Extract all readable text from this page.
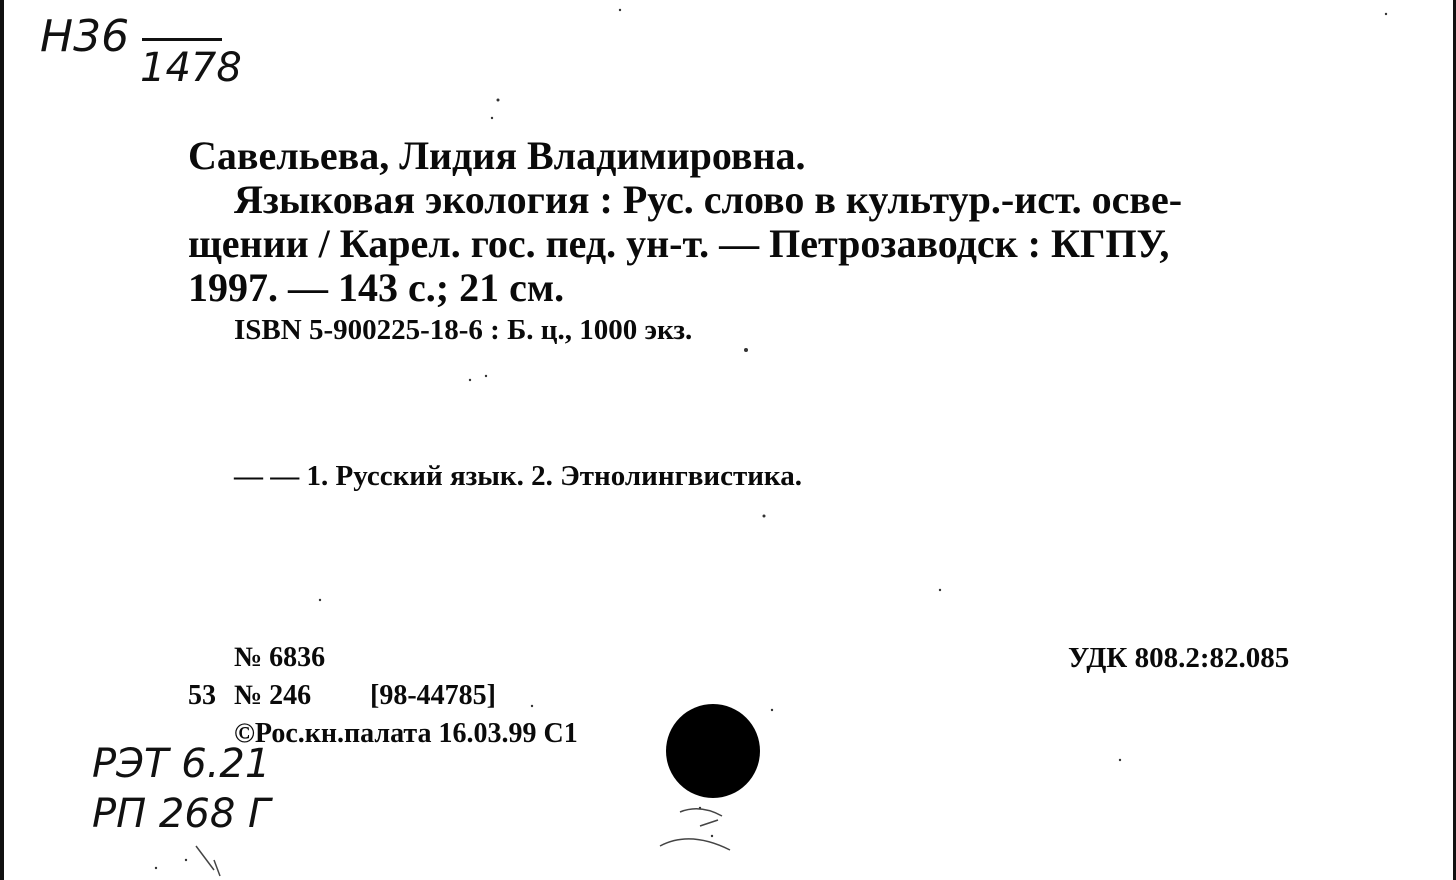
Н36
1478
Савельева, Лидия Владимировна.
Языковая экология : Рус. слово в культур.-ист. осве-
щении / Карел. гос. пед. ун-т. — Петрозаводск : КГПУ,
1997. — 143 с.; 21 см.
ISBN 5-900225-18-6 : Б. ц., 1000 экз.
— — 1. Русский язык. 2. Этнолингвистика.
№ 6836	УДК 808.2:82.085
53 № 246 [98-44785]
©Рос.кн.палата 16.03.99 С1
РЭТ 6.21
РП 268 Г
